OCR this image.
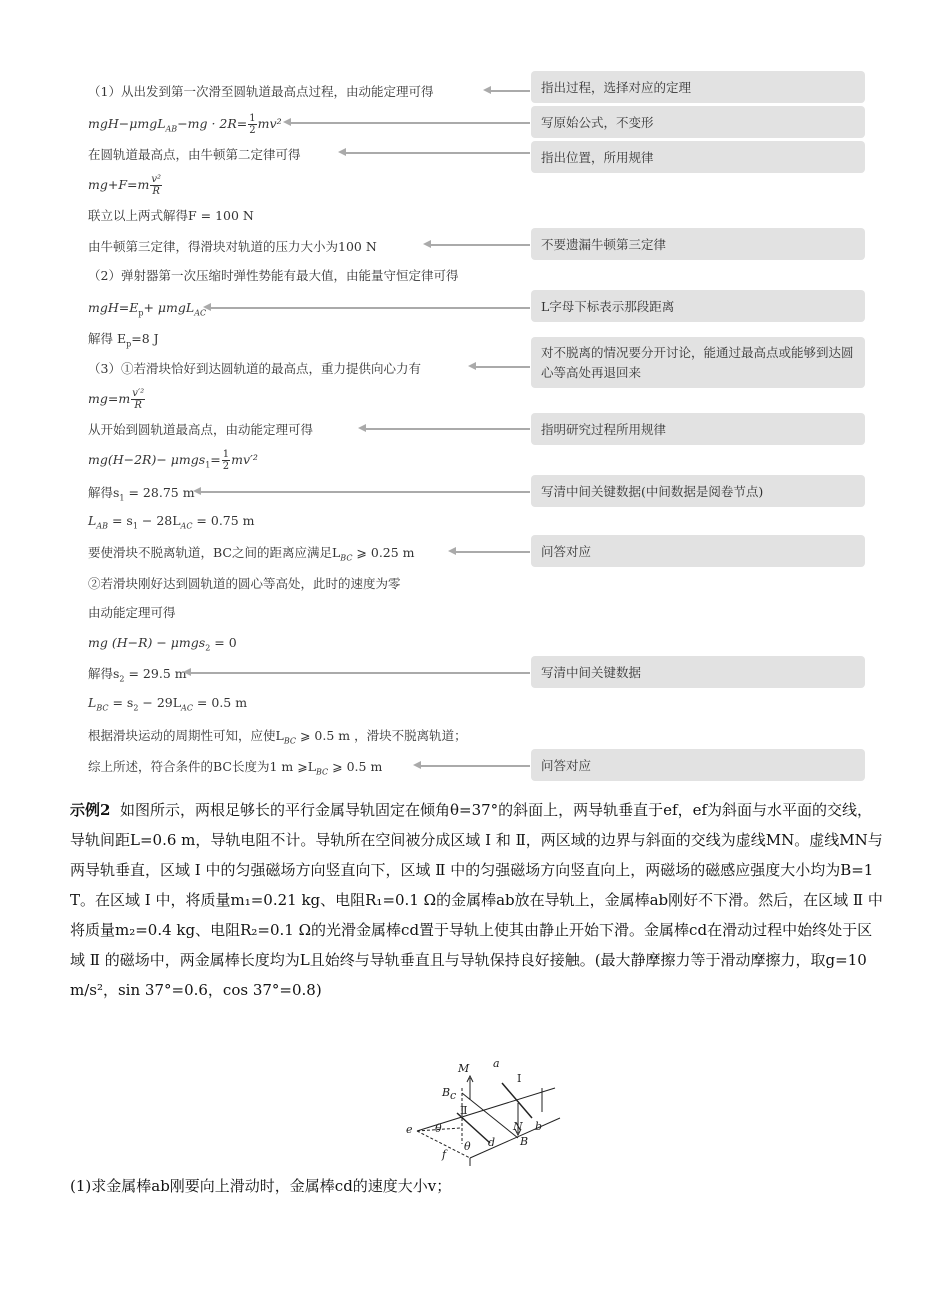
（1）从出发到第一次滑至圆轨道最高点过程，由动能定理可得
$mgH-\mu mgL_{AB}-mg \cdot 2R= \frac{1}{2} mv^2$
在圆轨道最高点，由牛顿第二定律可得
$mg+F=m \frac{\text{v²}}{R}$
联立以上两式解得F = 100 N
由牛顿第三定律，得滑块对轨道的压力大小为100 N
（2）弹射器第一次压缩时弹性势能有最大值，由能量守恒定律可得
$mgH=E_p+ \mu mgL_{AC}$
解得 $E_p=8$ J
（3）①若滑块恰好到达圆轨道的最高点，重力提供向心力有
$mg=m \frac{\text{v′²}}{R}$
从开始到圆轨道最高点，由动能定理可得
$mg(H-2R)- \mu mgs_1= \frac{1}{2} mv'^2$
解得$s_1 = 28.75$ m
$L_{AB} = s_1 - 28L_{AC} = 0.75$ m
要使滑块不脱离轨道，BC之间的距离应满足$L_{BC}$ ⩾ 0.25 m
②若滑块刚好达到圆轨道的圆心等高处，此时的速度为零
由动能定理可得
mg (H−R) − μmgs$_2$ = 0
解得$s_2 = 29.5$ m
$L_{BC} = s_2 - 29L_{AC} = 0.5$ m
根据滑块运动的周期性可知，应使$L_{BC}$ ⩾ 0.5 m ，滑块不脱离轨道；
综上所述，符合条件的BC长度为1 m $⩾L_{BC}$ ⩾ 0.5 m
指出过程，选择对应的定理
写原始公式，不变形
指出位置，所用规律
不要遗漏牛顿第三定律
L字母下标表示那段距离
对不脱离的情况要分开讨论，能通过最高点或能够到达圆心等高处再退回来
指明研究过程所用规律
写清中间关键数据(中间数据是阅卷节点)
问答对应
写清中间关键数据
问答对应
示例2 如图所示，两根足够长的平行金属导轨固定在倾角θ=37°的斜面上，两导轨垂直于ef，ef为斜面与水平面的交线，导轨间距L=0.6 m，导轨电阻不计。导轨所在空间被分成区域 Ⅰ 和 Ⅱ，两区域的边界与斜面的交线为虚线MN。虚线MN与两导轨垂直，区域 Ⅰ 中的匀强磁场方向竖直向下，区域 Ⅱ 中的匀强磁场方向竖直向上，两磁场的磁感应强度大小均为B=1 T。在区域 Ⅰ 中，将质量m₁=0.21 kg、电阻R₁=0.1 Ω的金属棒ab放在导轨上，金属棒ab刚好不下滑。然后，在区域 Ⅱ 中将质量m₂=0.4 kg、电阻R₂=0.1 Ω的光滑金属棒cd置于导轨上使其由静止开始下滑。金属棒cd在滑动过程中始终处于区域 Ⅱ 的磁场中，两金属棒长度均为L且始终与导轨垂直且与导轨保持良好接触。(最大静摩擦力等于滑动摩擦力，取g=10 m/s²，sin 37°=0.6，cos 37°=0.8)
M a
Ⅰ
B c
Ⅱ
e θ	b
N
d B
f
θ
(1)求金属棒ab刚要向上滑动时，金属棒cd的速度大小v；
